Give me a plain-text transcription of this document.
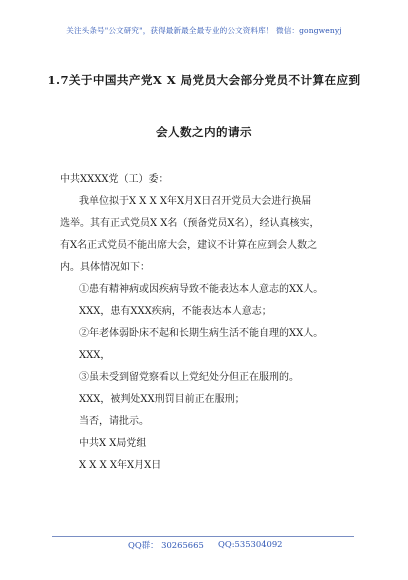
关注头条号"公文研究"，获得最新最全最专业的公文资料库！ 微信：gongwenyj
1.7关于中国共产党X X 局党员大会部分党员不计算在应到
会人数之内的请示
中共XXXX党（工）委：
我单位拟于X X X X年X月X日召开党员大会进行换届
选举。其有正式党员X X名（预备党员X名），经认真核实，
有X名正式党员不能出席大会，建议不计算在应到会人数之
内。具体情况如下：
①患有精神病或因疾病导致不能表达本人意志的XX人。
XXX，患有XXX疾病，不能表达本人意志；
②年老体弱卧床不起和长期生病生活不能自理的XX人。
XXX，
③虽未受到留党察看以上党纪处分但正在服刑的。
XXX，被判处XX刑罚目前正在服刑；
当否，请批示。
中共X X局党组
X X X X年X月X日
QQ群： 30265665 QQ:535304092
